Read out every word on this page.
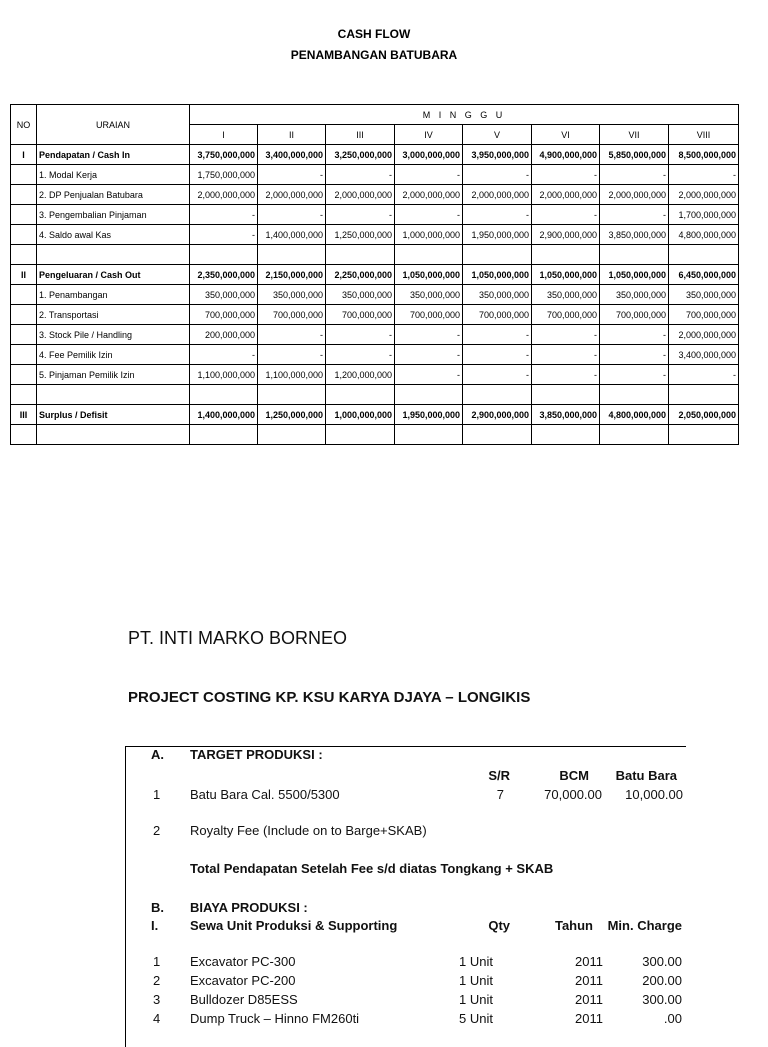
CASH FLOW
PENAMBANGAN BATUBARA
NO	URAIAN	M I N G G U							
		I	II	III	IV	V	VI	VII	VIII
I	Pendapatan / Cash In	3,750,000,000	3,400,000,000	3,250,000,000	3,000,000,000	3,950,000,000	4,900,000,000	5,850,000,000	8,500,000,000
	1. Modal Kerja	1,750,000,000	-	-	-	-	-	-	-
	2. DP Penjualan Batubara	2,000,000,000	2,000,000,000	2,000,000,000	2,000,000,000	2,000,000,000	2,000,000,000	2,000,000,000	2,000,000,000
	3. Pengembalian Pinjaman	-	-	-	-	-	-	-	1,700,000,000
	4. Saldo awal Kas	-	1,400,000,000	1,250,000,000	1,000,000,000	1,950,000,000	2,900,000,000	3,850,000,000	4,800,000,000

II	Pengeluaran / Cash Out	2,350,000,000	2,150,000,000	2,250,000,000	1,050,000,000	1,050,000,000	1,050,000,000	1,050,000,000	6,450,000,000
	1. Penambangan	350,000,000	350,000,000	350,000,000	350,000,000	350,000,000	350,000,000	350,000,000	350,000,000
	2. Transportasi	700,000,000	700,000,000	700,000,000	700,000,000	700,000,000	700,000,000	700,000,000	700,000,000
	3. Stock Pile / Handling	200,000,000	-	-	-	-	-	-	2,000,000,000
	4. Fee Pemilik Izin	-	-	-	-	-	-	-	3,400,000,000
	5. Pinjaman Pemilik Izin	1,100,000,000	1,100,000,000	1,200,000,000	-	-	-	-	-

III	Surplus / Defisit	1,400,000,000	1,250,000,000	1,000,000,000	1,950,000,000	2,900,000,000	3,850,000,000	4,800,000,000	2,050,000,000

PT. INTI MARKO BORNEO
PROJECT COSTING KP. KSU KARYA DJAYA – LONGIKIS
A. TARGET PRODUKSI :
S/R	BCM	Batu Bara
1 Batu Bara Cal. 5500/5300	7	70,000.00	10,000.00
2 Royalty Fee (Include on to Barge+SKAB)
Total Pendapatan Setelah Fee s/d diatas Tongkang + SKAB
B. BIAYA PRODUKSI :
I. Sewa Unit Produksi & Supporting	Qty	Tahun	Min. Charge
1 Excavator PC-300	1 Unit	2011	300.00
2 Excavator PC-200	1 Unit	2011	200.00
3 Bulldozer D85ESS	1 Unit	2011	300.00
4 Dump Truck – Hinno FM260ti	5 Unit	2011	.00
